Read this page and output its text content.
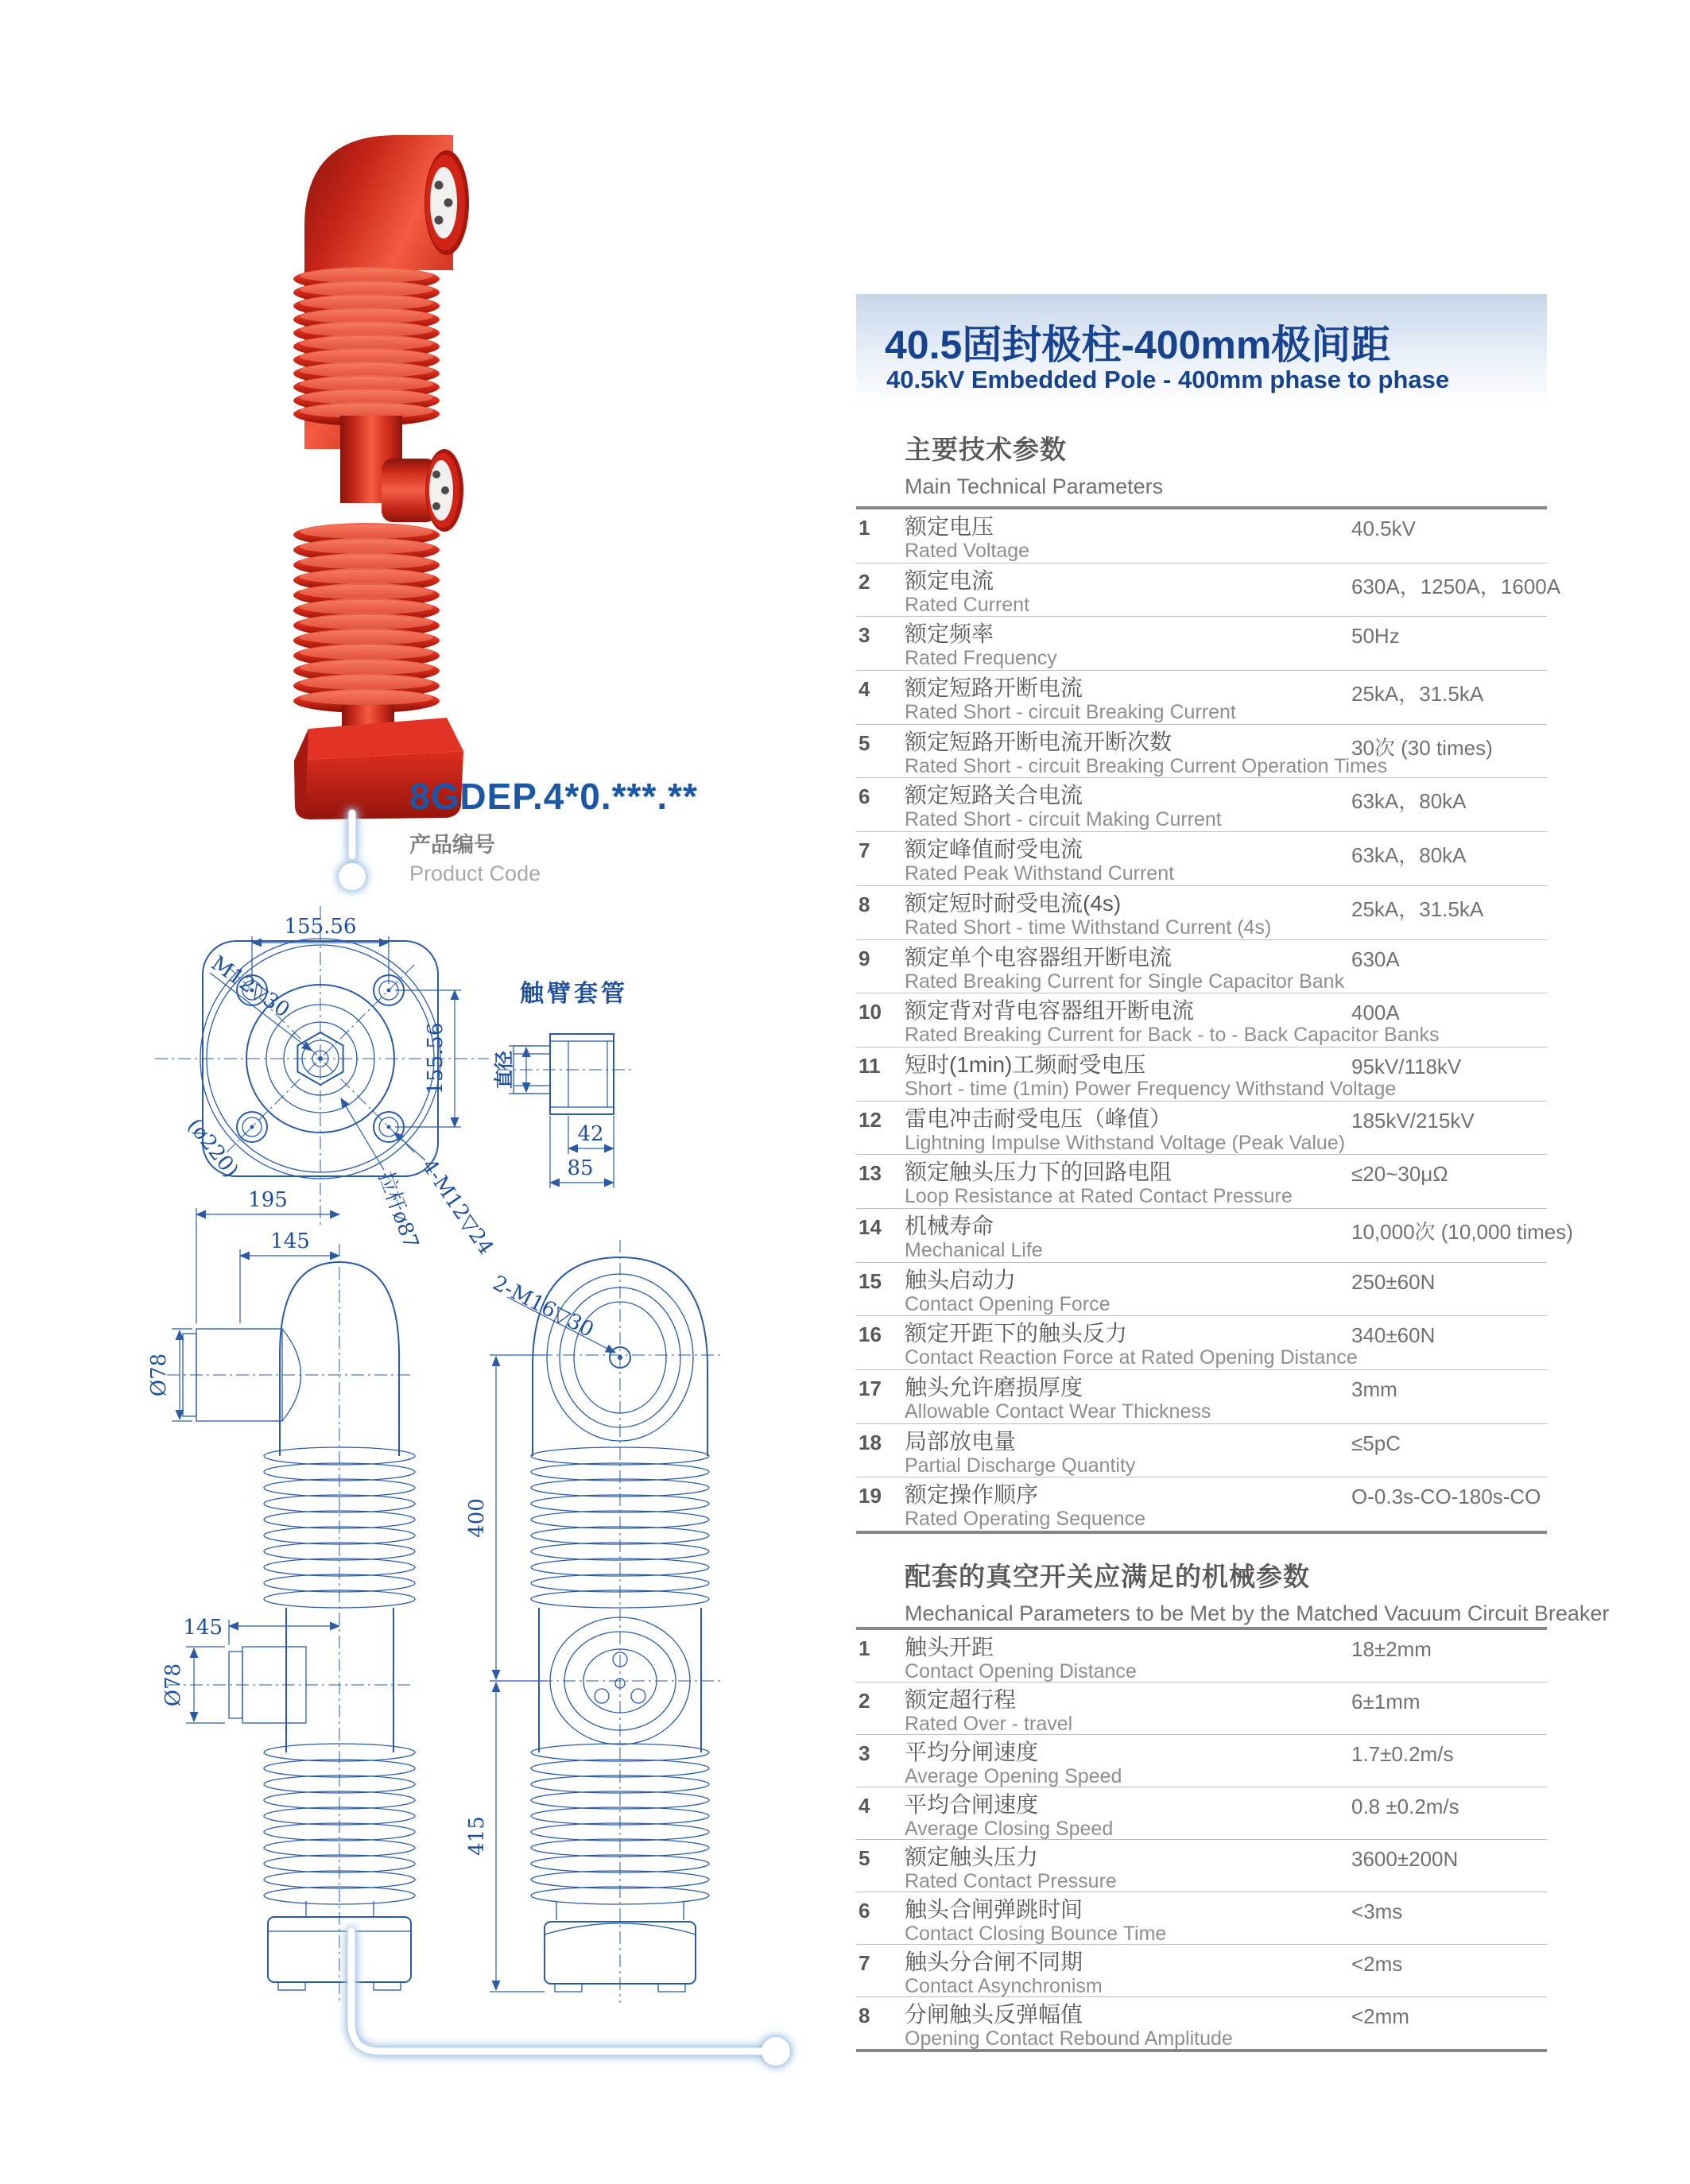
8GDEP.4*0.***.**
产品编号
Product Code
155.56
155.56
M12▽30
(ø220)
拉杆ø87
4-M12▽24
触臂套管
直径
42
85
195
145
Ø78
145
Ø78
2-M16▽30
400
415
40.5固封极柱-400mm极间距
40.5kV Embedded Pole - 400mm phase to phase
主要技术参数
Main Technical Parameters
1 额定电压
Rated Voltage
40.5kV
2 额定电流
Rated Current
630A，1250A，1600A
3 额定频率
Rated Frequency
50Hz
4 额定短路开断电流
Rated Short - circuit Breaking Current
25kA，31.5kA
5 额定短路开断电流开断次数
Rated Short - circuit Breaking Current Operation Times
30次 (30 times)
6 额定短路关合电流
Rated Short - circuit Making Current
63kA，80kA
7 额定峰值耐受电流
Rated Peak Withstand Current
63kA，80kA
8 额定短时耐受电流(4s)
Rated Short - time Withstand Current (4s)
25kA，31.5kA
9 额定单个电容器组开断电流
Rated Breaking Current for Single Capacitor Bank
630A
10 额定背对背电容器组开断电流
Rated Breaking Current for Back - to - Back Capacitor Banks
400A
11 短时(1min)工频耐受电压
Short - time (1min) Power Frequency Withstand Voltage
95kV/118kV
12 雷电冲击耐受电压（峰值）
Lightning Impulse Withstand Voltage (Peak Value)
185kV/215kV
13 额定触头压力下的回路电阻
Loop Resistance at Rated Contact Pressure
≤20~30μΩ
14 机械寿命
Mechanical Life
10,000次 (10,000 times)
15 触头启动力
Contact Opening Force
250±60N
16 额定开距下的触头反力
Contact Reaction Force at Rated Opening Distance
340±60N
17 触头允许磨损厚度
Allowable Contact Wear Thickness
3mm
18 局部放电量
Partial Discharge Quantity
≤5pC
19 额定操作顺序
Rated Operating Sequence
O-0.3s-CO-180s-CO
配套的真空开关应满足的机械参数
Mechanical Parameters to be Met by the Matched Vacuum Circuit Breaker
1 触头开距
Contact Opening Distance
18±2mm
2 额定超行程
Rated Over - travel
6±1mm
3 平均分闸速度
Average Opening Speed
1.7±0.2m/s
4 平均合闸速度
Average Closing Speed
0.8 ±0.2m/s
5 额定触头压力
Rated Contact Pressure
3600±200N
6 触头合闸弹跳时间
Contact Closing Bounce Time
<3ms
7 触头分合闸不同期
Contact Asynchronism
<2ms
8 分闸触头反弹幅值
Opening Contact Rebound Amplitude
<2mm
